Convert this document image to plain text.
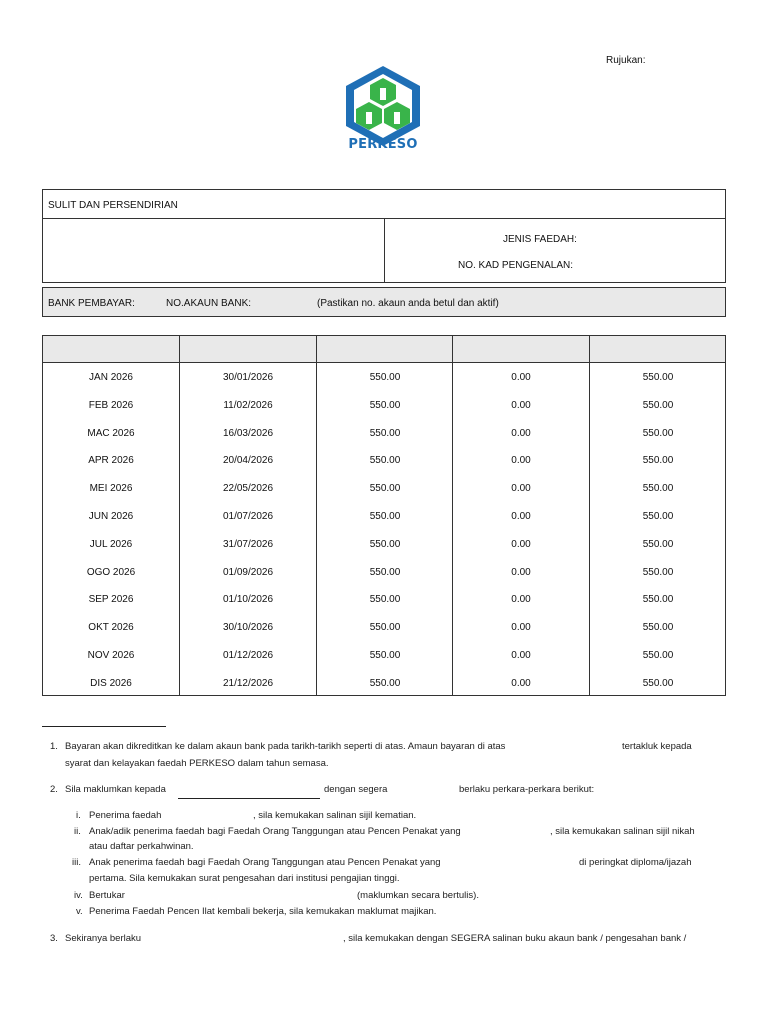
Rujukan:
PERKESO
SULIT DAN PERSENDIRIAN
JENIS FAEDAH:
NO. KAD PENGENALAN:
BANK PEMBAYAR:	NO.AKAUN BANK:	(Pastikan no. akaun anda betul dan aktif)
JAN 2026	30/01/2026	550.00	0.00	550.00
FEB 2026	11/02/2026	550.00	0.00	550.00
MAC 2026	16/03/2026	550.00	0.00	550.00
APR 2026	20/04/2026	550.00	0.00	550.00
MEI 2026	22/05/2026	550.00	0.00	550.00
JUN 2026	01/07/2026	550.00	0.00	550.00
JUL 2026	31/07/2026	550.00	0.00	550.00
OGO 2026	01/09/2026	550.00	0.00	550.00
SEP 2026	01/10/2026	550.00	0.00	550.00
OKT 2026	30/10/2026	550.00	0.00	550.00
NOV 2026	01/12/2026	550.00	0.00	550.00
DIS 2026	21/12/2026	550.00	0.00	550.00
1. Bayaran akan dikreditkan ke dalam akaun bank pada tarikh-tarikh seperti di atas. Amaun bayaran di atas	tertakluk kepada
syarat dan kelayakan faedah PERKESO dalam tahun semasa.
2. Sila maklumkan kepada	dengan segera	berlaku perkara-perkara berikut:
i. Penerima faedah	, sila kemukakan salinan sijil kematian.
ii. Anak/adik penerima faedah bagi Faedah Orang Tanggungan atau Pencen Penakat yang	, sila kemukakan salinan sijil nikah
atau daftar perkahwinan.
iii. Anak penerima faedah bagi Faedah Orang Tanggungan atau Pencen Penakat yang	di peringkat diploma/ijazah
pertama. Sila kemukakan surat pengesahan dari institusi pengajian tinggi.
iv. Bertukar	(maklumkan secara bertulis).
v. Penerima Faedah Pencen Ilat kembali bekerja, sila kemukakan maklumat majikan.
3. Sekiranya berlaku	, sila kemukakan dengan SEGERA salinan buku akaun bank / pengesahan bank /
